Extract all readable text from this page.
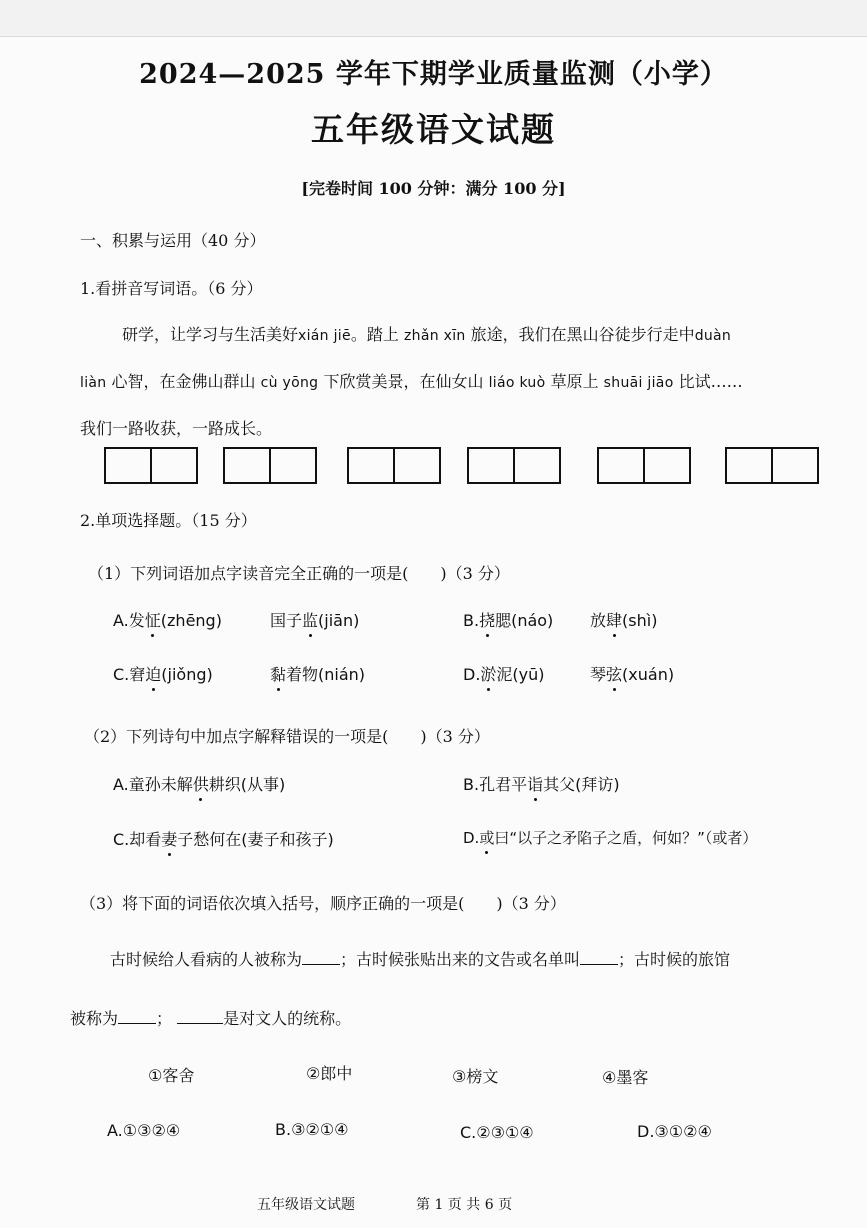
2024—2025 学年下期学业质量监测（小学）
五年级语文试题
[完卷时间 100 分钟：满分 100 分]
一、积累与运用（40 分）
1.看拼音写词语。（6 分）
研学，让学习与生活美好xián jiē。踏上 zhǎn xīn 旅途，我们在黑山谷徒步行走中duàn
liàn 心智，在金佛山群山 cù yōng 下欣赏美景，在仙女山 liáo kuò 草原上 shuāi jiāo 比试……
我们一路收获，一路成长。
2.单项选择题。（15 分）
（1）下列词语加点字读音完全正确的一项是(　　)（3 分）
A.发怔(zhēng)	国子监(jiān)	B.挠腮(náo) 放肆(shì)
C.窘迫(jiǒng)	黏着物(nián)	D.淤泥(yū)	琴弦(xuán)
（2）下列诗句中加点字解释错误的一项是(　　)（3 分）
A.童孙未解供耕织(从事)	B.孔君平诣其父(拜访)
C.却看妻子愁何在(妻子和孩子)	D.或曰“以子之矛陷子之盾，何如？”（或者）
（3）将下面的词语依次填入括号，顺序正确的一项是(　　)（3 分）
古时候给人看病的人被称为 ；古时候张贴出来的文告或名单叫 ；古时候的旅馆
被称为 ；	是对文人的统称。
①客舍	②郎中	③榜文	④墨客
A.①③②④	B.③②①④	C.②③①④	D.③①②④
五年级语文试题	第 1 页 共 6 页
